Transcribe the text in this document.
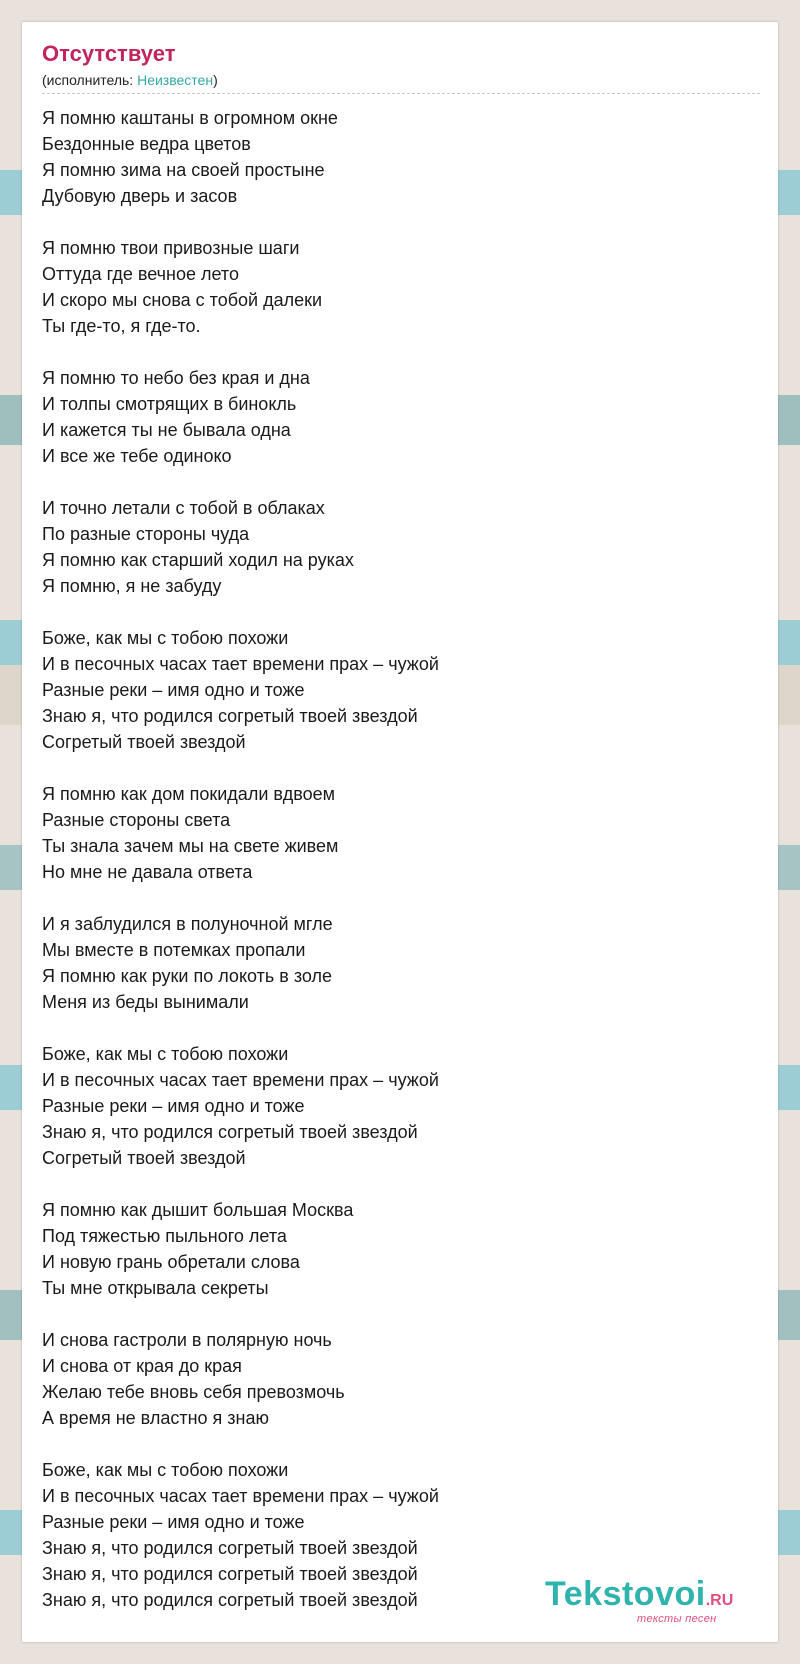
Отсутствует
(исполнитель: Неизвестен)
Я помню каштаны в огромном окне
Бездонные ведра цветов
Я помню зима на своей простыне
Дубовую дверь и засов
Я помню твои привозные шаги
Оттуда где вечное лето
И скоро мы снова с тобой далеки
Ты где-то, я где-то.
Я помню то небо без края и дна
И толпы смотрящих в бинокль
И кажется ты не бывала одна
И все же тебе одиноко
И точно летали с тобой в облаках
По разные стороны чуда
Я помню как старший ходил на руках
Я помню, я не забуду
Боже, как мы с тобою похожи
И в песочных часах тает времени прах – чужой
Разные реки – имя одно и тоже
Знаю я, что родился согретый твоей звездой
Согретый твоей звездой
Я помню как дом покидали вдвоем
Разные стороны света
Ты знала зачем мы на свете живем
Но мне не давала ответа
И я заблудился в полуночной мгле
Мы вместе в потемках пропали
Я помню как руки по локоть в золе
Меня из беды вынимали
Боже, как мы с тобою похожи
И в песочных часах тает времени прах – чужой
Разные реки – имя одно и тоже
Знаю я, что родился согретый твоей звездой
Согретый твоей звездой
Я помню как дышит большая Москва
Под тяжестью пыльного лета
И новую грань обретали слова
Ты мне открывала секреты
И снова гастроли в полярную ночь
И снова от края до края
Желаю тебе вновь себя превозмочь
А время не властно я знаю
Боже, как мы с тобою похожи
И в песочных часах тает времени прах – чужой
Разные реки – имя одно и тоже
Знаю я, что родился согретый твоей звездой
Знаю я, что родился согретый твоей звездой
Знаю я, что родился согретый твоей звездой	Tekstovoi.RU
тексты песен
